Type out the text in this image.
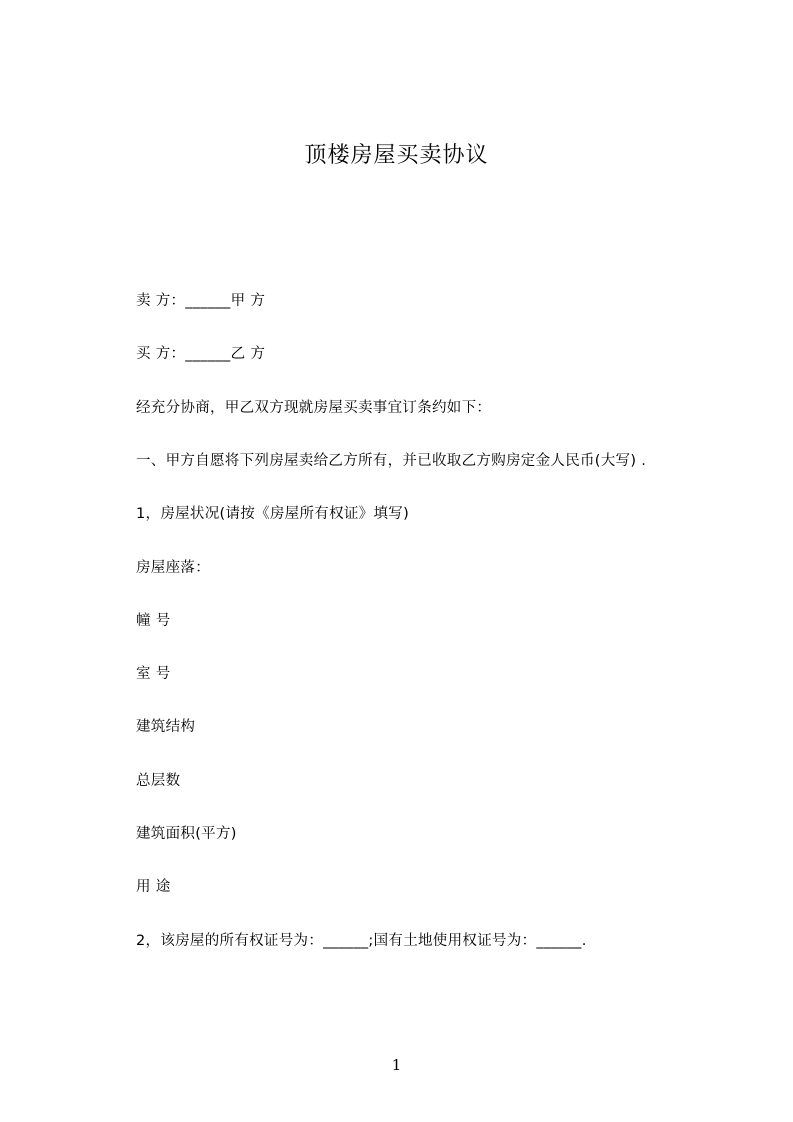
顶楼房屋买卖协议
卖 方：______甲 方
买 方：______乙 方
经充分协商，甲乙双方现就房屋买卖事宜订条约如下：
一、甲方自愿将下列房屋卖给乙方所有，并已收取乙方购房定金人民币(大写) .
1，房屋状况(请按《房屋所有权证》填写)
房屋座落：
幢 号
室 号
建筑结构
总层数
建筑面积(平方)
用 途
2，该房屋的所有权证号为：______;国有土地使用权证号为：______.
1
